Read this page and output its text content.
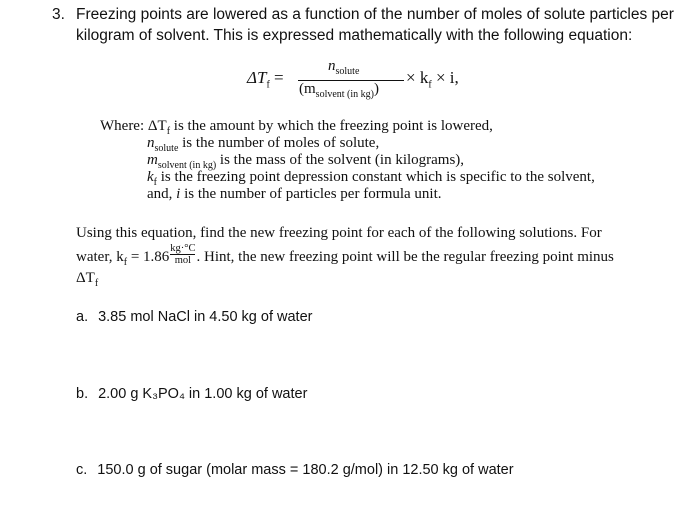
3. Freezing points are lowered as a function of the number of moles of solute particles per
kilogram of solvent. This is expressed mathematically with the following equation:
$\Delta T_f$ =
$n_{solute}$
$(m_{solvent (in kg)})$
× $k_f \times i$,
Where: $\Delta T_f$ is the amount by which the freezing point is lowered,
$n_{solute}$ is the number of moles of solute,
$m_{solvent (in kg)}$ is the mass of the solvent (in kilograms),
$k_f$ is the freezing point depression constant which is specific to the solvent,
and, i is the number of particles per formula unit.
Using this equation, find the new freezing point for each of the following solutions. For
water, $k_f = 1.86$
kg·°C
mol . Hint, the new freezing point will be the regular freezing point minus
$\Delta T_f$
a. 3.85 mol NaCl in 4.50 kg of water
b. 2.00 g K₃PO₄ in 1.00 kg of water
c. 150.0 g of sugar (molar mass = 180.2 g/mol) in 12.50 kg of water
